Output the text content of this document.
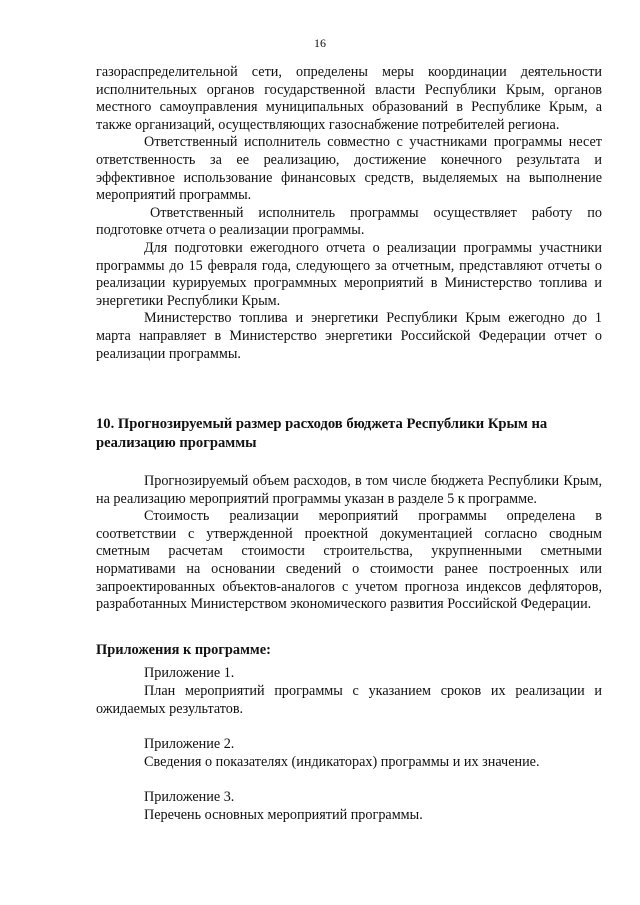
16

газораспределительной сети, определены меры координации деятельности исполнительных органов государственной власти Республики Крым, органов местного самоуправления муниципальных образований в Республике Крым, а также организаций, осуществляющих газоснабжение потребителей региона.

Ответственный исполнитель совместно с участниками программы несет ответственность за ее реализацию, достижение конечного результата и эффективное использование финансовых средств, выделяемых на выполнение мероприятий программы.

Ответственный исполнитель программы осуществляет работу по подготовке отчета о реализации программы.

Для подготовки ежегодного отчета о реализации программы участники программы до 15 февраля года, следующего за отчетным, представляют отчеты о реализации курируемых программных мероприятий в Министерство топлива и энергетики Республики Крым.

Министерство топлива и энергетики Республики Крым ежегодно до 1 марта направляет в Министерство энергетики Российской Федерации отчет о реализации программы.

10. Прогнозируемый размер расходов бюджета Республики Крым на

реализацию программы

Прогнозируемый объем расходов, в том числе бюджета Республики Крым, на реализацию мероприятий программы указан в разделе 5 к программе.

Стоимость реализации мероприятий программы определена в соответствии с утвержденной проектной документацией согласно сводным сметным расчетам стоимости строительства, укрупненными сметными нормативами на основании сведений о стоимости ранее построенных или запроектированных объектов-аналогов с учетом прогноза индексов дефляторов, разработанных Министерством экономического развития Российской Федерации.

Приложения к программе:

Приложение 1.

План мероприятий программы с указанием сроков их реализации и ожидаемых результатов.

Приложение 2.

Сведения о показателях (индикаторах) программы и их значение.

Приложение 3.

Перечень основных мероприятий программы.
